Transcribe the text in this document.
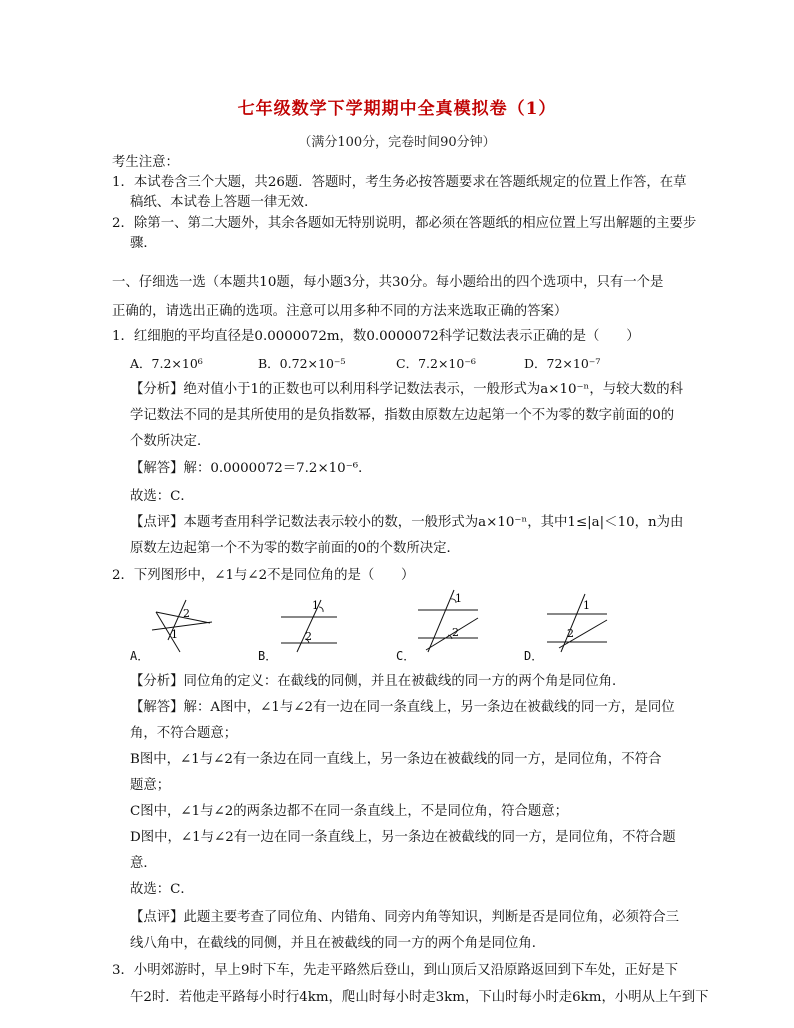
七年级数学下学期期中全真模拟卷（1）
（满分100分，完卷时间90分钟）
考生注意：
1．本试卷含三个大题，共26题．答题时，考生务必按答题要求在答题纸规定的位置上作答，在草
稿纸、本试卷上答题一律无效．
2．除第一、第二大题外，其余各题如无特别说明，都必须在答题纸的相应位置上写出解题的主要步
骤．
一、仔细选一选（本题共10题，每小题3分，共30分。每小题给出的四个选项中，只有一个是
正确的，请选出正确的选项。注意可以用多种不同的方法来选取正确的答案）
1．红细胞的平均直径是0.0000072m，数0.0000072科学记数法表示正确的是（　　）
A．7.2×10⁶	B．0.72×10⁻⁵	C．7.2×10⁻⁶	D．72×10⁻⁷
【分析】绝对值小于1的正数也可以利用科学记数法表示，一般形式为a×10⁻ⁿ，与较大数的科
学记数法不同的是其所使用的是负指数幂，指数由原数左边起第一个不为零的数字前面的0的
个数所决定．
【解答】解：0.0000072＝7.2×10⁻⁶．
故选：C．
【点评】本题考查用科学记数法表示较小的数，一般形式为a×10⁻ⁿ，其中1≤|a|＜10，n为由
原数左边起第一个不为零的数字前面的0的个数所决定．
2．下列图形中，∠1与∠2不是同位角的是（　　）
2
1
A．
1
2
B．
1
2
C．
1
2
D．
【分析】同位角的定义：在截线的同侧，并且在被截线的同一方的两个角是同位角．
【解答】解：A图中，∠1与∠2有一边在同一条直线上，另一条边在被截线的同一方，是同位
角，不符合题意；
B图中，∠1与∠2有一条边在同一直线上，另一条边在被截线的同一方，是同位角，不符合
题意；
C图中，∠1与∠2的两条边都不在同一条直线上，不是同位角，符合题意；
D图中，∠1与∠2有一边在同一条直线上，另一条边在被截线的同一方，是同位角，不符合题
意．
故选：C．
【点评】此题主要考查了同位角、内错角、同旁内角等知识，判断是否是同位角，必须符合三
线八角中，在截线的同侧，并且在被截线的同一方的两个角是同位角．
3．小明郊游时，早上9时下车，先走平路然后登山，到山顶后又沿原路返回到下车处，正好是下
午2时．若他走平路每小时行4km，爬山时每小时走3km，下山时每小时走6km，小明从上午到下
